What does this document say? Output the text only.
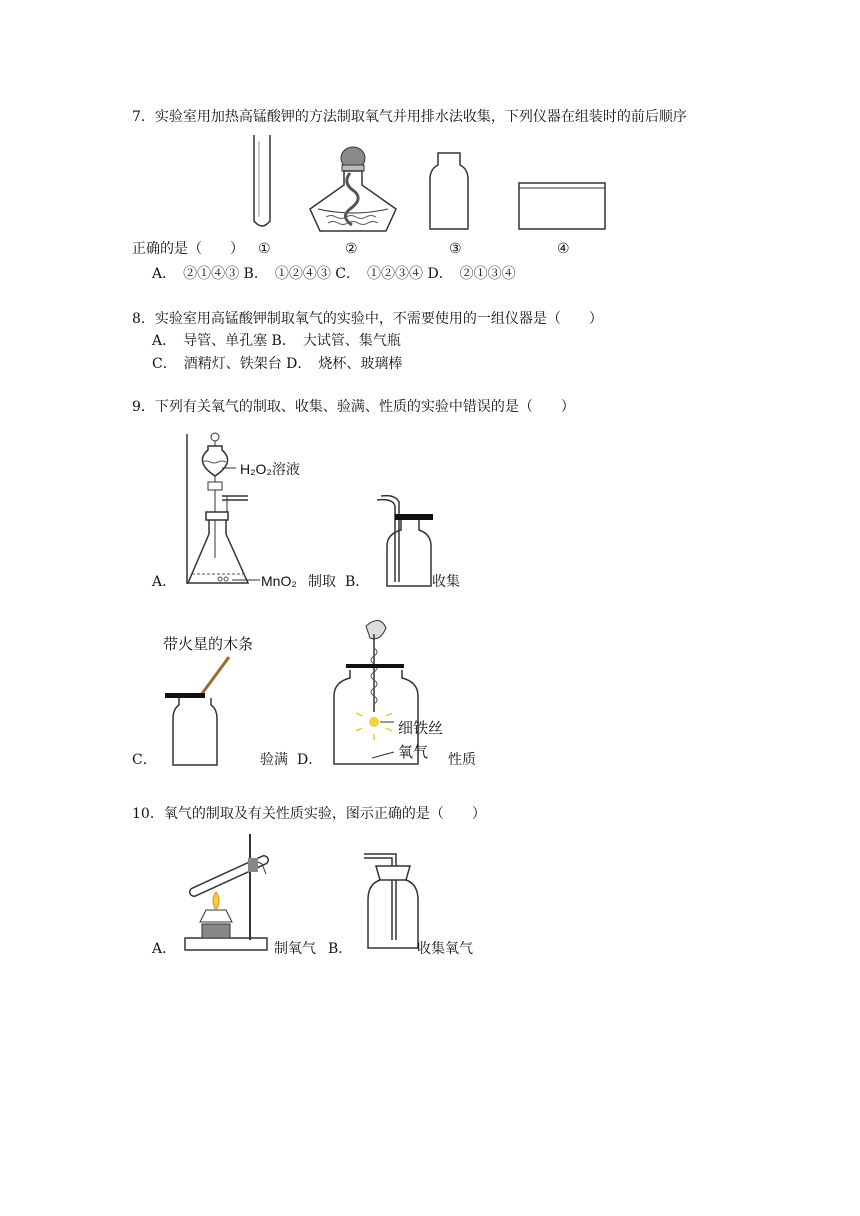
7．实验室用加热高锰酸钾的方法制取氧气并用排水法收集，下列仪器在组装时的前后顺序
正确的是（　　） ①	②	③	④
A．　②①④③ B．　①②④③ C．　①②③④ D．　②①③④
8．实验室用高锰酸钾制取氧气的实验中，不需要使用的一组仪器是（　　）
A．　导管、单孔塞 B．　大试管、集气瓶
C．　酒精灯、铁架台 D．　烧杯、玻璃棒
9．下列有关氧气的制取、收集、验满、性质的实验中错误的是（　　）
A．
H₂O₂溶液
MnO₂ 制取 B．	收集
带火星的木条
C．	验满 D．
细铁丝
氧气 性质
10．氧气的制取及有关性质实验，图示正确的是（　　）
A．	制氧气 B．	收集氧气
